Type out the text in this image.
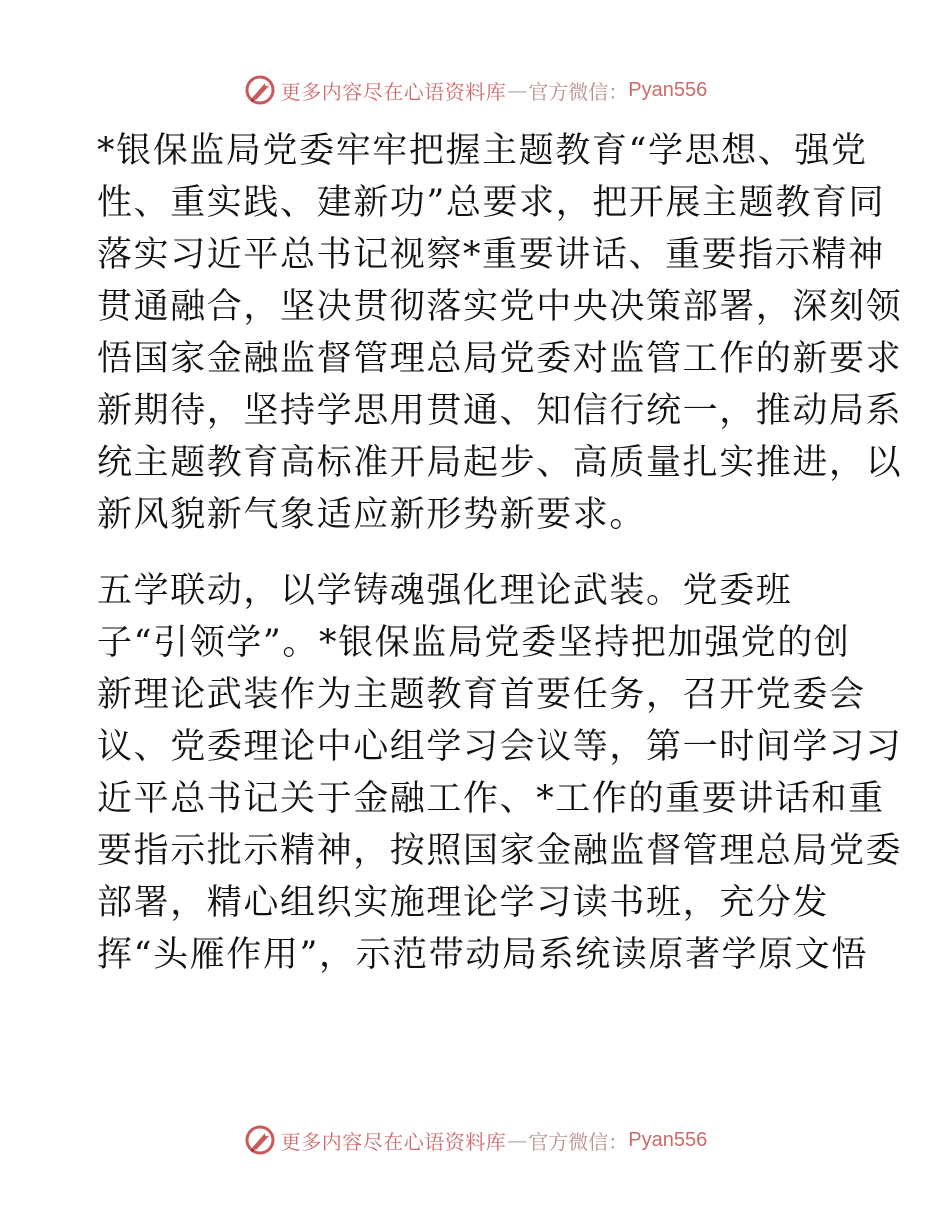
更多内容尽在心语资料库 — 官方微信： Pyan556
*银保监局党委牢牢把握主题教育“学思想、强党
性、重实践、建新功”总要求，把开展主题教育同
落实习近平总书记视察*重要讲话、重要指示精神
贯通融合，坚决贯彻落实党中央决策部署，深刻领
悟国家金融监督管理总局党委对监管工作的新要求
新期待，坚持学思用贯通、知信行统一，推动局系
统主题教育高标准开局起步、高质量扎实推进，以
新风貌新气象适应新形势新要求。
五学联动，以学铸魂强化理论武装。党委班
子“引领学”。*银保监局党委坚持把加强党的创
新理论武装作为主题教育首要任务，召开党委会
议、党委理论中心组学习会议等，第一时间学习习
近平总书记关于金融工作、*工作的重要讲话和重
要指示批示精神，按照国家金融监督管理总局党委
部署，精心组织实施理论学习读书班，充分发
挥“头雁作用”，示范带动局系统读原著学原文悟
更多内容尽在心语资料库 — 官方微信： Pyan556
